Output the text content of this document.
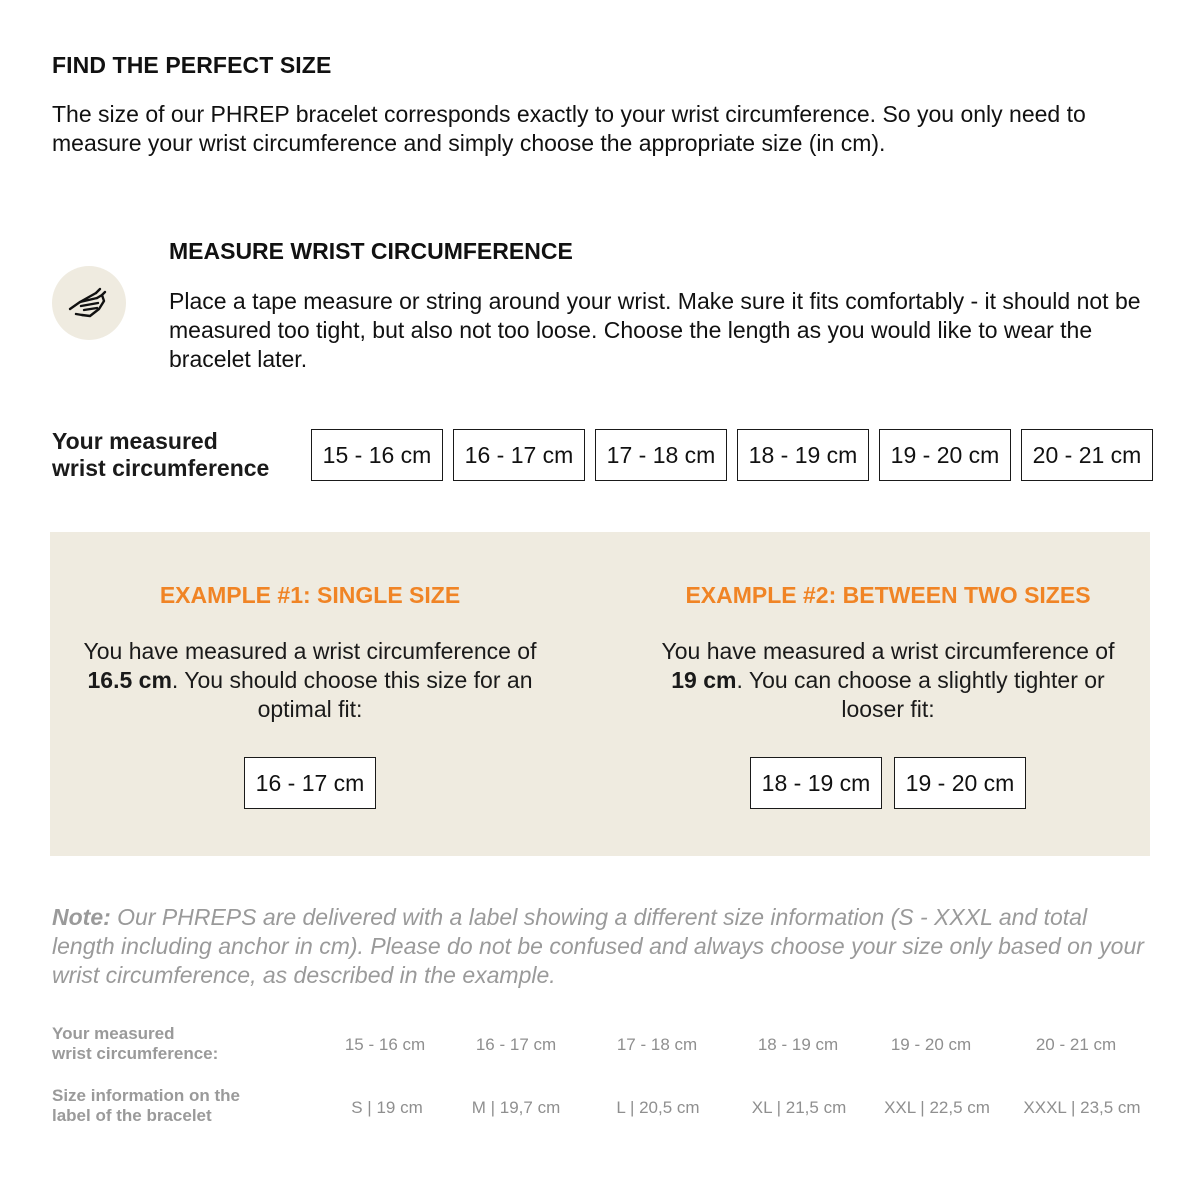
FIND THE PERFECT SIZE
The size of our PHREP bracelet corresponds exactly to your wrist circumference. So you only need to measure your wrist circumference and simply choose the appropriate size (in cm).
MEASURE WRIST CIRCUMFERENCE
Place a tape measure or string around your wrist. Make sure it fits comfortably - it should not be measured too tight, but also not too loose. Choose the length as you would like to wear the bracelet later.
Your measured
wrist circumference
15 - 16 cm	16 - 17 cm	17 - 18 cm	18 - 19 cm	19 - 20 cm	20 - 21 cm
EXAMPLE #1: SINGLE SIZE
You have measured a wrist circumference of 16.5 cm. You should choose this size for an optimal fit:
16 - 17 cm
EXAMPLE #2: BETWEEN TWO SIZES
You have measured a wrist circumference of 19 cm. You can choose a slightly tighter or looser fit:
18 - 19 cm	19 - 20 cm
Note: Our PHREPS are delivered with a label showing a different size information (S - XXXL and total length including anchor in cm). Please do not be confused and always choose your size only based on your wrist circumference, as described in the example.
Your measured
wrist circumference:
Size information on the
label of the bracelet
15 - 16 cm	16 - 17 cm	17 - 18 cm	18 - 19 cm	19 - 20 cm	20 - 21 cm
S | 19 cm	M | 19,7 cm	L | 20,5 cm	XL | 21,5 cm XXL | 22,5 cm XXXL | 23,5 cm
